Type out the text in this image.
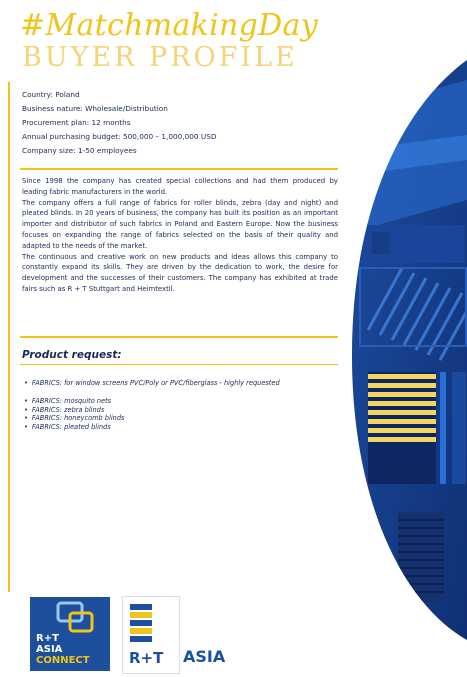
#MatchmakingDay
BUYER PROFILE
Country: Poland
Business nature: Wholesale/Distribution
Procurement plan: 12 months
Annual purchasing budget: 500,000 – 1,000,000 USD
Company size: 1-50 employees

Since 1998 the company has created special collections and had them produced by leading fabric manufacturers in the world.

The company offers a full range of fabrics for roller blinds, zebra (day and night) and pleated blinds. In 20 years of business, the company has built its position as an important importer and distributor of such fabrics in Poland and Eastern Europe. Now the business focuses on expanding the range of fabrics selected on the basis of their quality and adapted to the needs of the market.

The continuous and creative work on new products and ideas allows this company to constantly expand its skills. They are driven by the dedication to work, the desire for development and the successes of their customers. The company has exhibited at trade fairs such as R + T Stuttgart and Heimtextil.

Product request:
• FABRICS: for window screens PVC/Poly or PVC/fiberglass - highly requested
• FABRICS: mosquito nets
• FABRICS: zebra blinds
• FABRICS: honeycomb blinds
• FABRICS: pleated blinds
R+T
ASIA
CONNECT	R+T ASIA
